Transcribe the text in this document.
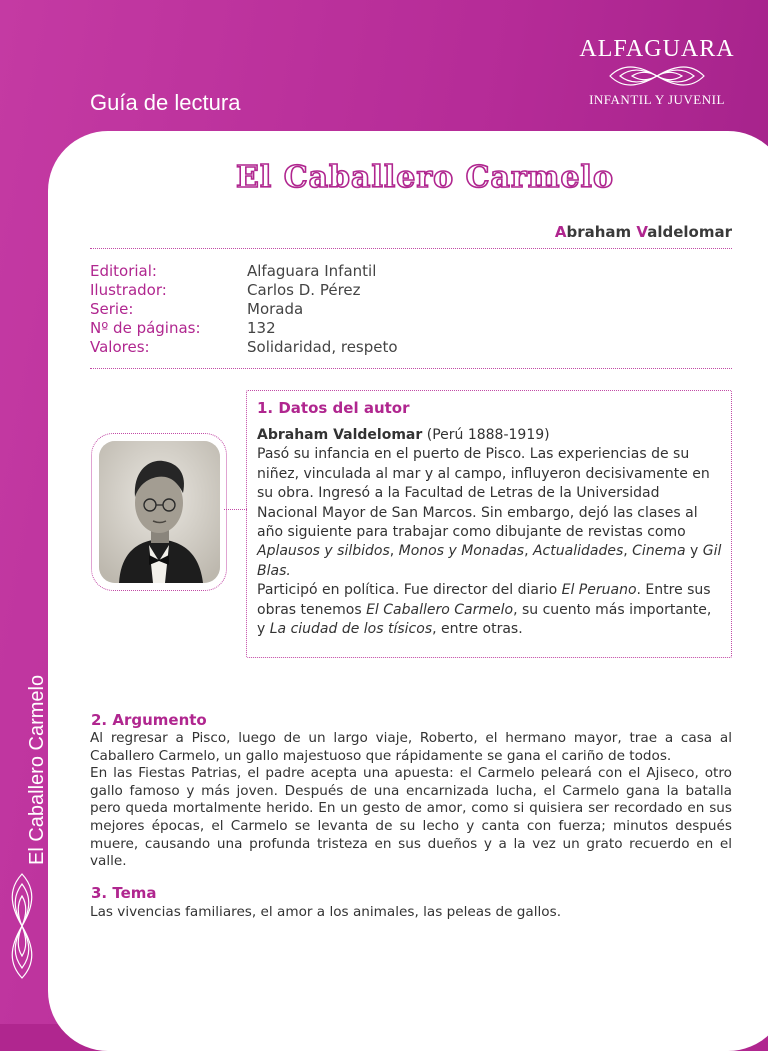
Guía de lectura
ALFAGUARA
INFANTIL Y JUVENIL
El Caballero Carmelo
El Caballero Carmelo
Abraham Valdelomar
Editorial:	Alfaguara Infantil
Ilustrador:	Carlos D. Pérez
Serie:	Morada
Nº de páginas:	132
Valores:	Solidaridad, respeto
1. Datos del autor
Abraham Valdelomar (Perú 1888-1919)
Pasó su infancia en el puerto de Pisco. Las experiencias de su niñez, vinculada al mar y al campo, influyeron decisivamente en su obra. Ingresó a la Facultad de Letras de la Universidad Nacional Mayor de San Marcos. Sin embargo, dejó las clases al año siguiente para trabajar como dibujante de revistas como Aplausos y silbidos, Monos y Monadas, Actualidades, Cinema y Gil Blas.
Participó en política. Fue director del diario El Peruano. Entre sus obras tenemos El Caballero Carmelo, su cuento más importante, y La ciudad de los tísicos, entre otras.
2. Argumento
Al regresar a Pisco, luego de un largo viaje, Roberto, el hermano mayor, trae a casa al Caballero Carmelo, un gallo majestuoso que rápidamente se gana el cariño de todos.
En las Fiestas Patrias, el padre acepta una apuesta: el Carmelo peleará con el Ajiseco, otro gallo famoso y más joven. Después de una encarnizada lucha, el Carmelo gana la batalla pero queda mortalmente herido. En un gesto de amor, como si quisiera ser recordado en sus mejores épocas, el Carmelo se levanta de su lecho y canta con fuerza; minutos después muere, causando una profunda tristeza en sus dueños y a la vez un grato recuerdo en el valle.
3. Tema
Las vivencias familiares, el amor a los animales, las peleas de gallos.
